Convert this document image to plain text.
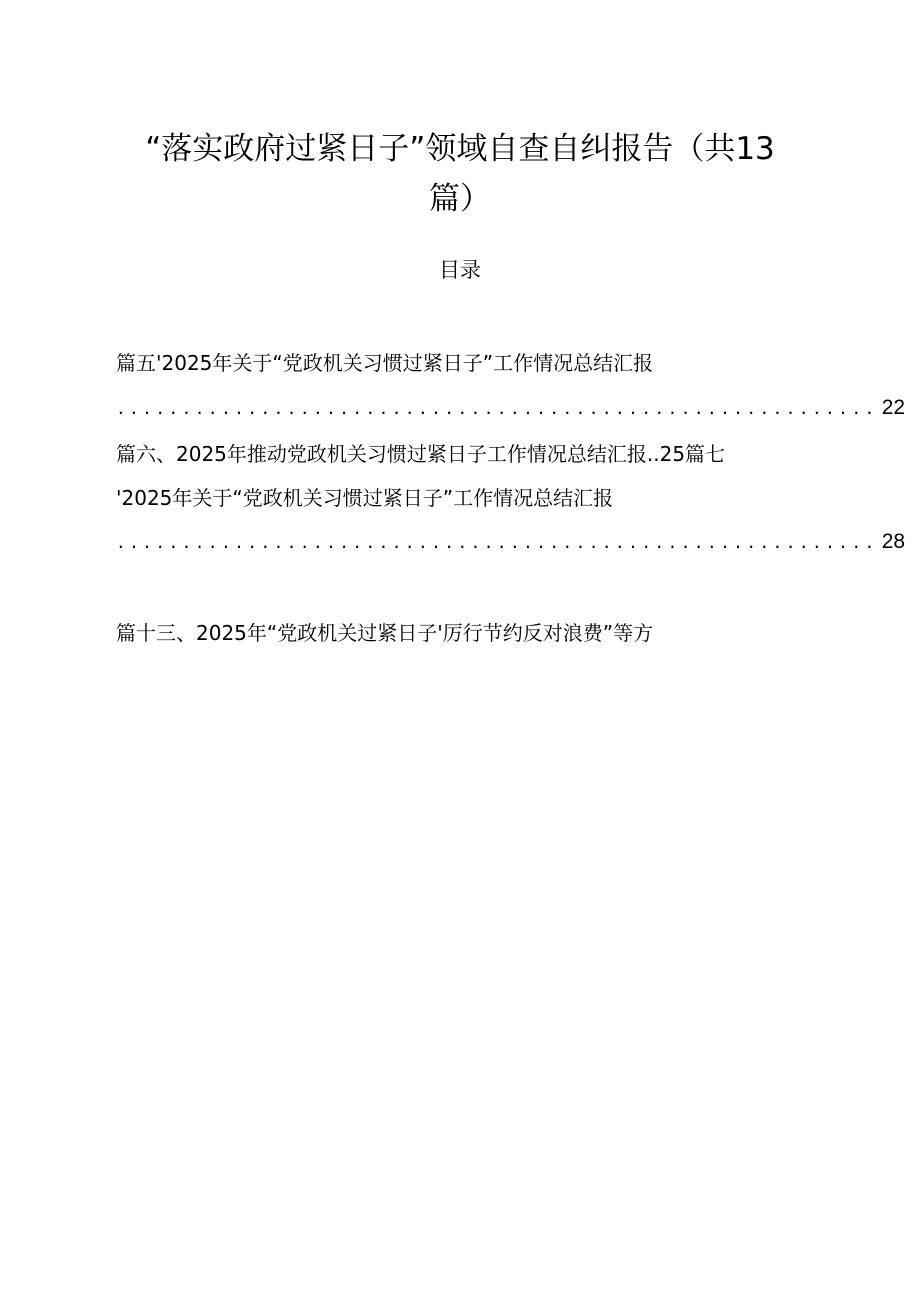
“落实政府过紧日子”领域自查自纠报告（共13
篇）
目录
篇五'2025年关于“党政机关习惯过紧日子”工作情况总结汇报
.......................................................... 22
篇六、2025年推动党政机关习惯过紧日子工作情况总结汇报..25篇七
'2025年关于“党政机关习惯过紧日子”工作情况总结汇报
.......................................................... 28
篇十三、2025年“党政机关过紧日子'厉行节约反对浪费”等方
